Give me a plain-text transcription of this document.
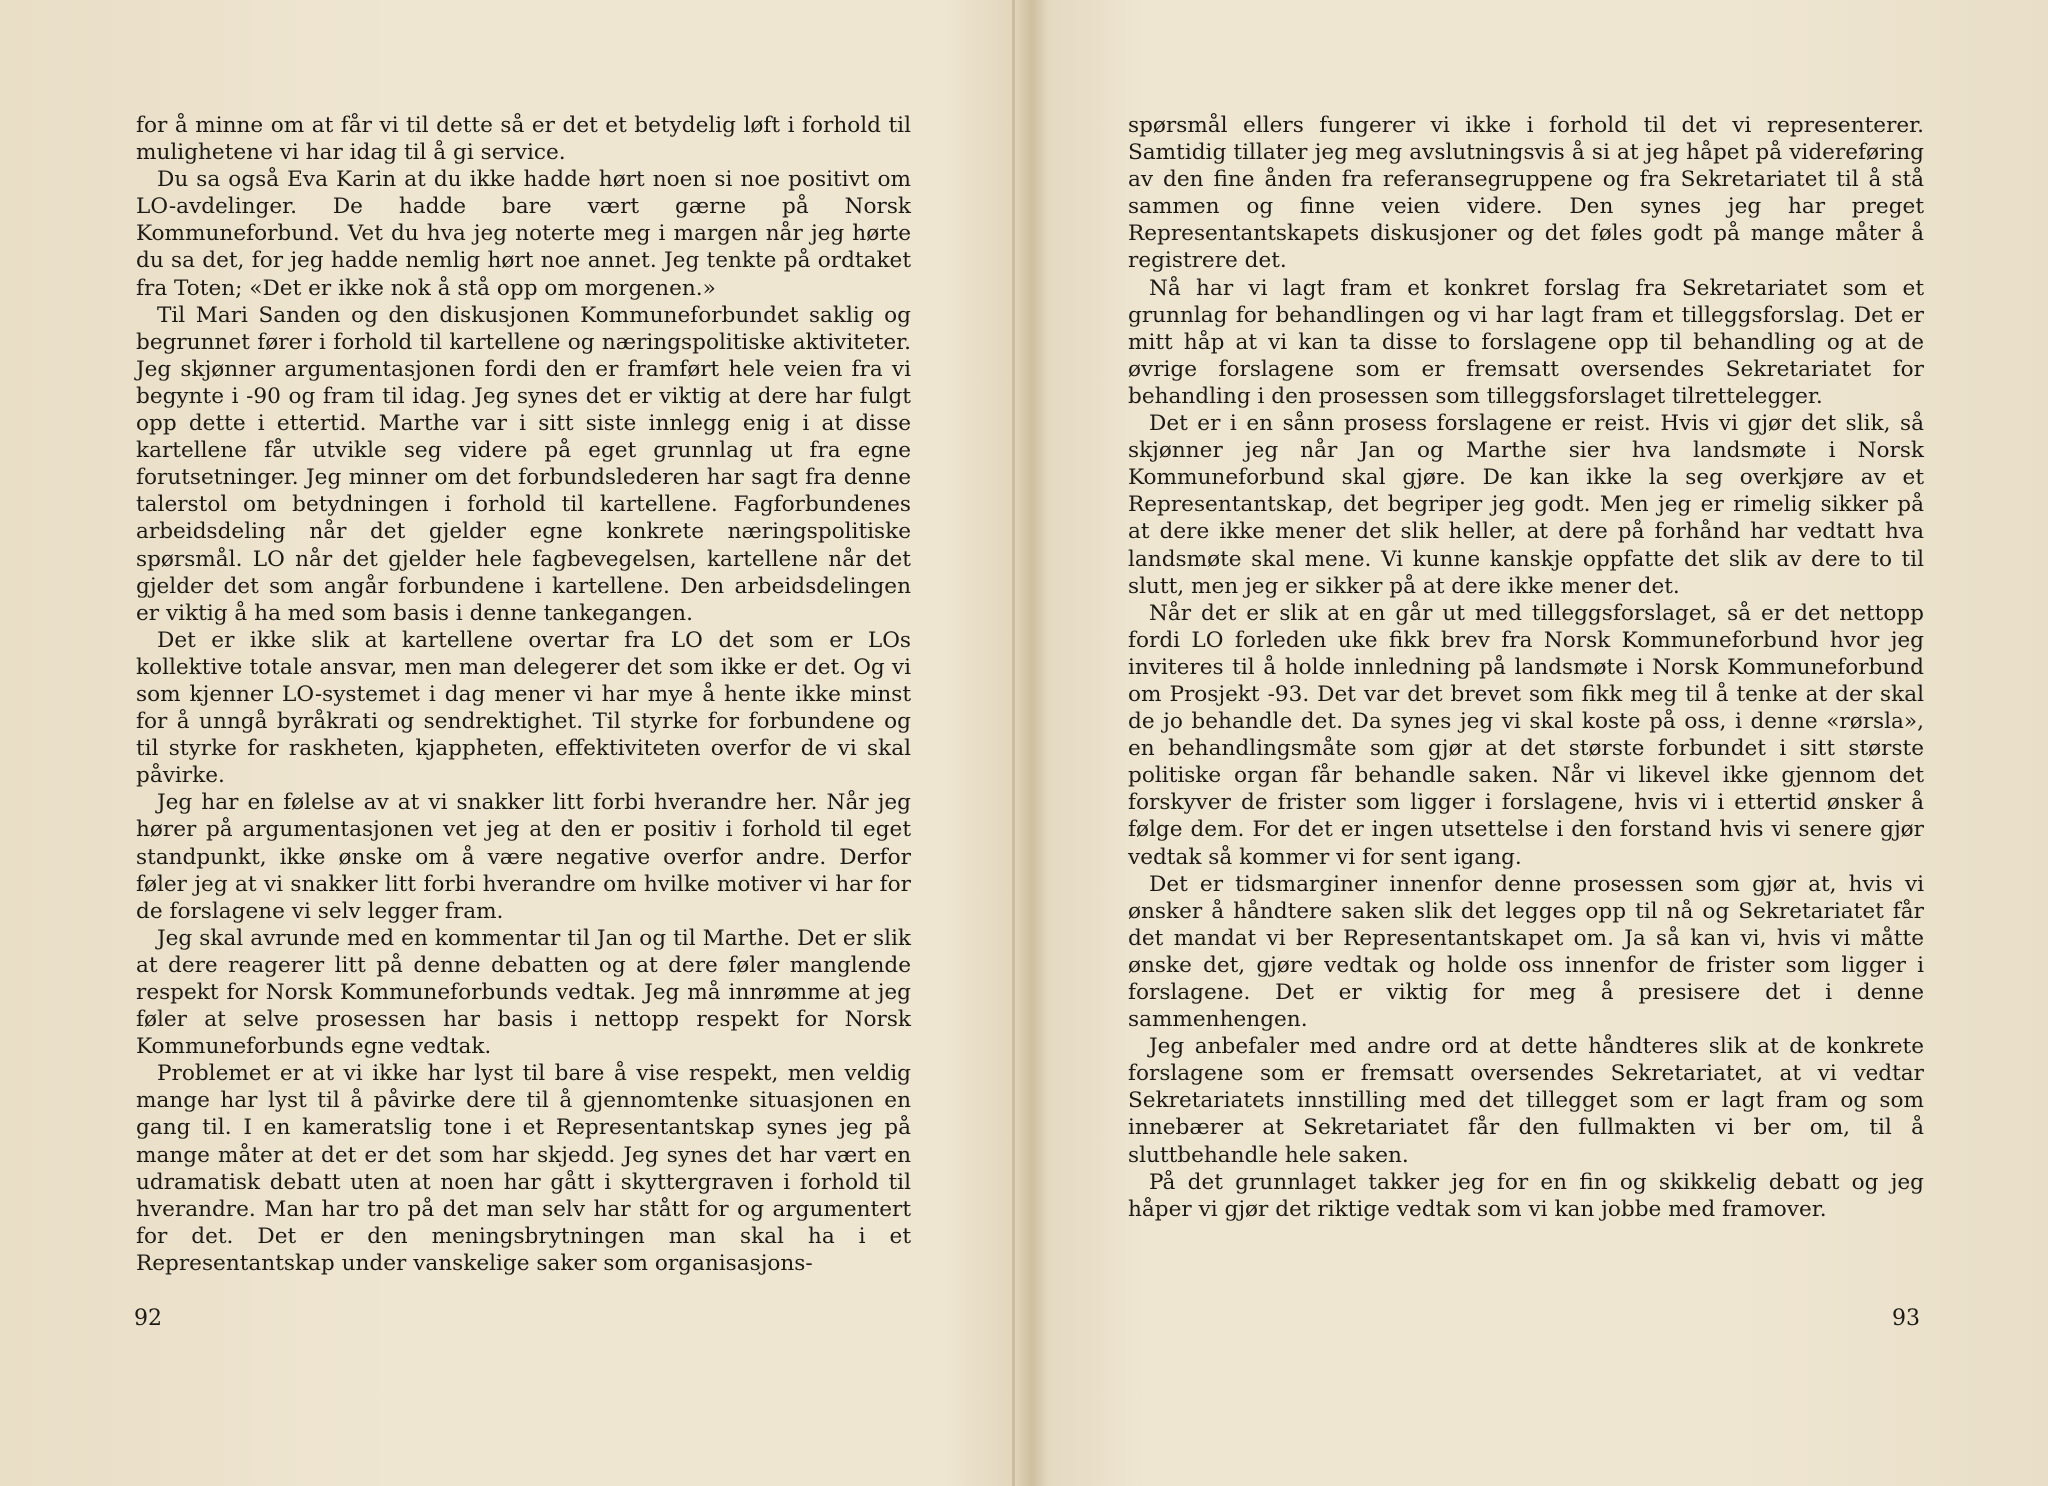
for å minne om at får vi til dette så er det et betydelig løft i forhold til mulighetene vi har idag til å gi service.

Du sa også Eva Karin at du ikke hadde hørt noen si noe positivt om LO-avdelinger. De hadde bare vært gærne på Norsk Kommuneforbund. Vet du hva jeg noterte meg i margen når jeg hørte du sa det, for jeg hadde nemlig hørt noe annet. Jeg tenkte på ordtaket fra Toten; «Det er ikke nok å stå opp om morgenen.»

Til Mari Sanden og den diskusjonen Kommuneforbundet saklig og begrunnet fører i forhold til kartellene og næringspolitiske aktiviteter. Jeg skjønner argumentasjonen fordi den er framført hele veien fra vi begynte i -90 og fram til idag. Jeg synes det er viktig at dere har fulgt opp dette i ettertid. Marthe var i sitt siste innlegg enig i at disse kartellene får utvikle seg videre på eget grunnlag ut fra egne forutsetninger. Jeg minner om det forbundslederen har sagt fra denne talerstol om betydningen i forhold til kartellene. Fagforbundenes arbeidsdeling når det gjelder egne konkrete næringspolitiske spørsmål. LO når det gjelder hele fagbevegelsen, kartellene når det gjelder det som angår forbundene i kartellene. Den arbeidsdelingen er viktig å ha med som basis i denne tankegangen.

Det er ikke slik at kartellene overtar fra LO det som er LOs kollektive totale ansvar, men man delegerer det som ikke er det. Og vi som kjenner LO-systemet i dag mener vi har mye å hente ikke minst for å unngå byråkrati og sendrektighet. Til styrke for forbundene og til styrke for raskheten, kjappheten, effektiviteten overfor de vi skal påvirke.

Jeg har en følelse av at vi snakker litt forbi hverandre her. Når jeg hører på argumentasjonen vet jeg at den er positiv i forhold til eget standpunkt, ikke ønske om å være negative overfor andre. Derfor føler jeg at vi snakker litt forbi hverandre om hvilke motiver vi har for de forslagene vi selv legger fram.

Jeg skal avrunde med en kommentar til Jan og til Marthe. Det er slik at dere reagerer litt på denne debatten og at dere føler manglende respekt for Norsk Kommuneforbunds vedtak. Jeg må innrømme at jeg føler at selve prosessen har basis i nettopp respekt for Norsk Kommuneforbunds egne vedtak.

Problemet er at vi ikke har lyst til bare å vise respekt, men veldig mange har lyst til å påvirke dere til å gjennomtenke situasjonen en gang til. I en kameratslig tone i et Representantskap synes jeg på mange måter at det er det som har skjedd. Jeg synes det har vært en udramatisk debatt uten at noen har gått i skyttergraven i forhold til hverandre. Man har tro på det man selv har stått for og argumentert for det. Det er den meningsbrytningen man skal ha i et Representantskap under vanskelige saker som organisasjons-

92

spørsmål ellers fungerer vi ikke i forhold til det vi representerer. Samtidig tillater jeg meg avslutningsvis å si at jeg håpet på videreføring av den fine ånden fra referansegruppene og fra Sekretariatet til å stå sammen og finne veien videre. Den synes jeg har preget Representantskapets diskusjoner og det føles godt på mange måter å registrere det.

Nå har vi lagt fram et konkret forslag fra Sekretariatet som et grunnlag for behandlingen og vi har lagt fram et tilleggsforslag. Det er mitt håp at vi kan ta disse to forslagene opp til behandling og at de øvrige forslagene som er fremsatt oversendes Sekretariatet for behandling i den prosessen som tilleggsforslaget tilrettelegger.

Det er i en sånn prosess forslagene er reist. Hvis vi gjør det slik, så skjønner jeg når Jan og Marthe sier hva landsmøte i Norsk Kommuneforbund skal gjøre. De kan ikke la seg overkjøre av et Representantskap, det begriper jeg godt. Men jeg er rimelig sikker på at dere ikke mener det slik heller, at dere på forhånd har vedtatt hva landsmøte skal mene. Vi kunne kanskje oppfatte det slik av dere to til slutt, men jeg er sikker på at dere ikke mener det.

Når det er slik at en går ut med tilleggsforslaget, så er det nettopp fordi LO forleden uke fikk brev fra Norsk Kommuneforbund hvor jeg inviteres til å holde innledning på landsmøte i Norsk Kommuneforbund om Prosjekt -93. Det var det brevet som fikk meg til å tenke at der skal de jo behandle det. Da synes jeg vi skal koste på oss, i denne «rørsla», en behandlingsmåte som gjør at det største forbundet i sitt største politiske organ får behandle saken. Når vi likevel ikke gjennom det forskyver de frister som ligger i forslagene, hvis vi i ettertid ønsker å følge dem. For det er ingen utsettelse i den forstand hvis vi senere gjør vedtak så kommer vi for sent igang.

Det er tidsmarginer innenfor denne prosessen som gjør at, hvis vi ønsker å håndtere saken slik det legges opp til nå og Sekretariatet får det mandat vi ber Representantskapet om. Ja så kan vi, hvis vi måtte ønske det, gjøre vedtak og holde oss innenfor de frister som ligger i forslagene. Det er viktig for meg å presisere det i denne sammenhengen.

Jeg anbefaler med andre ord at dette håndteres slik at de konkrete forslagene som er fremsatt oversendes Sekretariatet, at vi vedtar Sekretariatets innstilling med det tillegget som er lagt fram og som innebærer at Sekretariatet får den fullmakten vi ber om, til å sluttbehandle hele saken.

På det grunnlaget takker jeg for en fin og skikkelig debatt og jeg håper vi gjør det riktige vedtak som vi kan jobbe med framover.

93
